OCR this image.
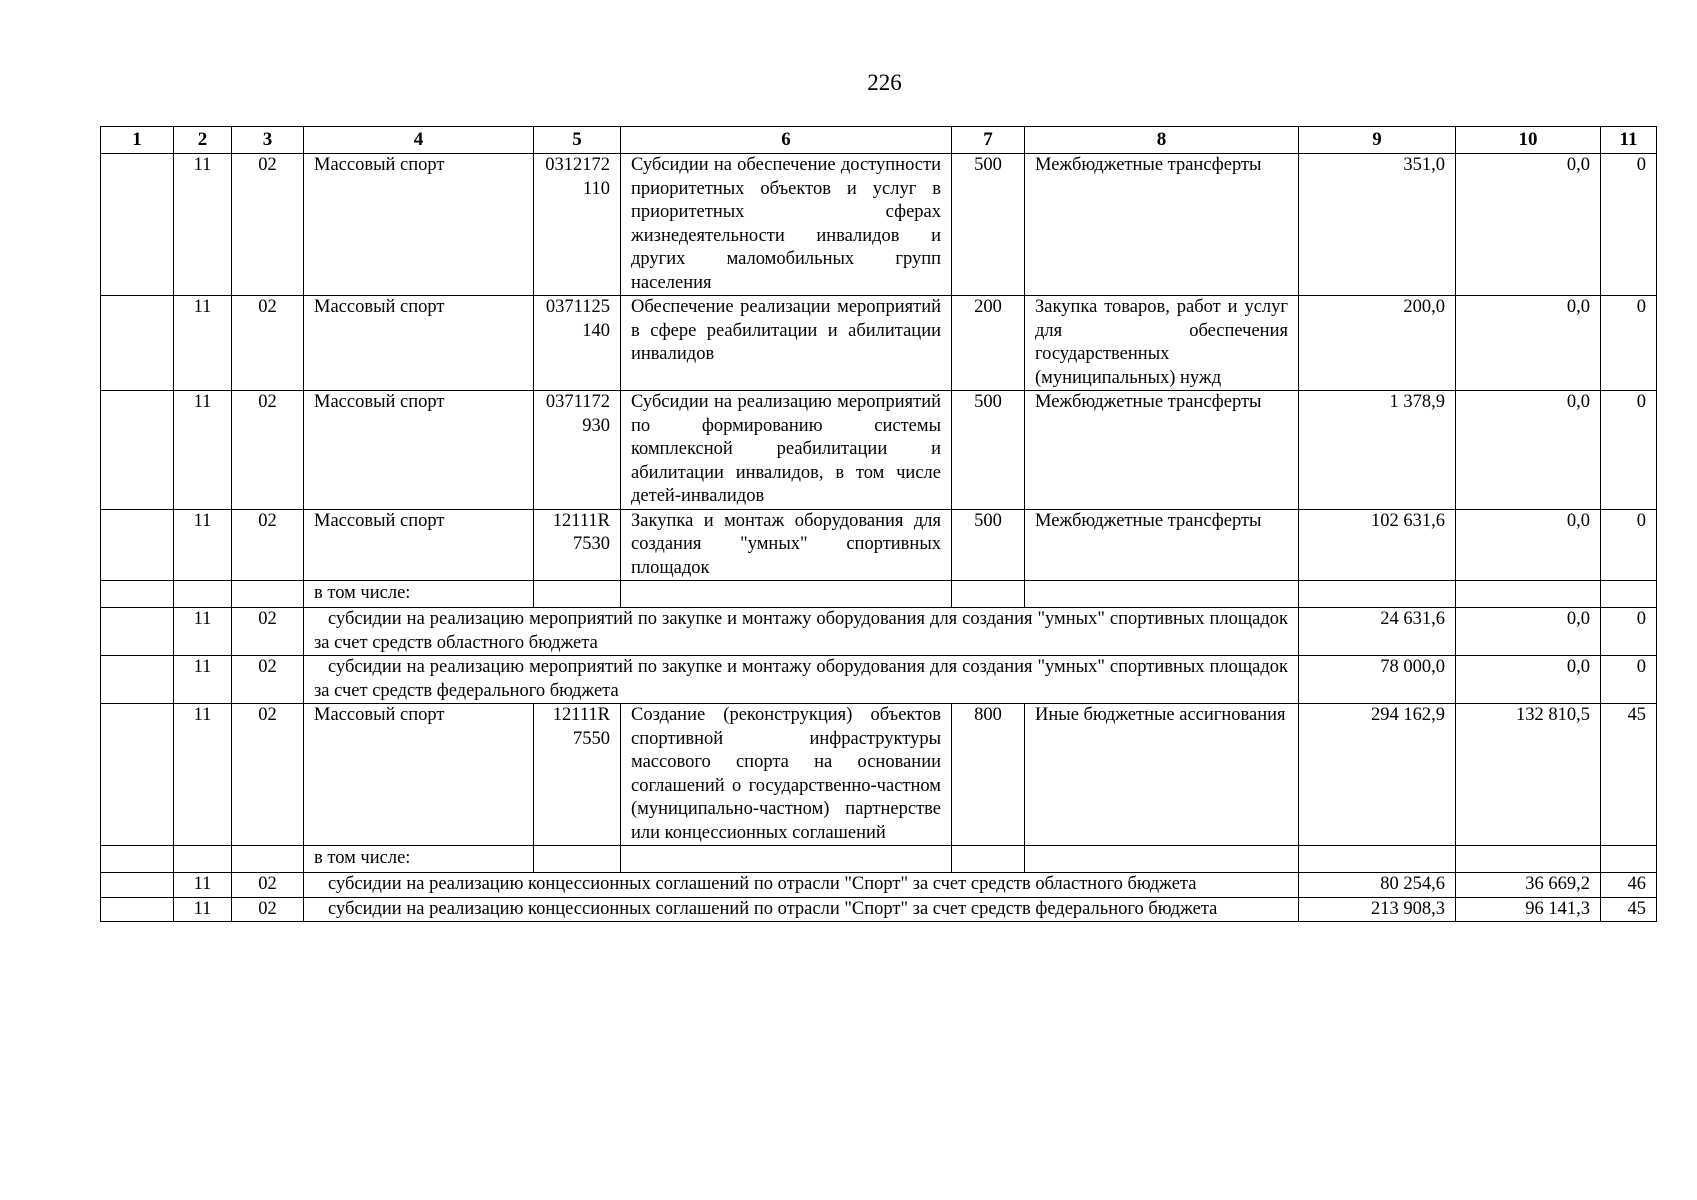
226
1	2	3	4	5	6	7	8	9	10	11
	11	02	Массовый спорт	0312172110	Субсидии на обеспечение доступности приоритетных объектов и услуг в приоритетных сферах жизнедеятельности инвалидов и других маломобильных групп населения	500	Межбюджетные трансферты	351,0	0,0	0
	11	02	Массовый спорт	0371125140	Обеспечение реализации мероприятий в сфере реабилитации и абилитации инвалидов	200	Закупка товаров, работ и услуг для обеспечения государственных (муниципальных) нужд	200,0	0,0	0
	11	02	Массовый спорт	0371172930	Субсидии на реализацию мероприятий по формированию системы комплексной реабилитации и абилитации инвалидов, в том числе детей-инвалидов	500	Межбюджетные трансферты	1 378,9	0,0	0
	11	02	Массовый спорт	12111R7530	Закупка и монтаж оборудования для создания "умных" спортивных площадок	500	Межбюджетные трансферты	102 631,6	0,0	0
			в том числе:							
	11	02	субсидии на реализацию мероприятий по закупке и монтажу оборудования для создания "умных" спортивных площадок за счет средств областного бюджета					24 631,6	0,0	0
	11	02	субсидии на реализацию мероприятий по закупке и монтажу оборудования для создания "умных" спортивных площадок за счет средств федерального бюджета					78 000,0	0,0	0
	11	02	Массовый спорт	12111R7550	Создание (реконструкция) объектов спортивной инфраструктуры массового спорта на основании соглашений о государственно-частном (муниципально-частном) партнерстве или концессионных соглашений	800	Иные бюджетные ассигнования	294 162,9	132 810,5	45
			в том числе:							
	11	02	субсидии на реализацию концессионных соглашений по отрасли "Спорт" за счет средств областного бюджета					80 254,6	36 669,2	46
	11	02	субсидии на реализацию концессионных соглашений по отрасли "Спорт" за счет средств федерального бюджета					213 908,3	96 141,3	45
